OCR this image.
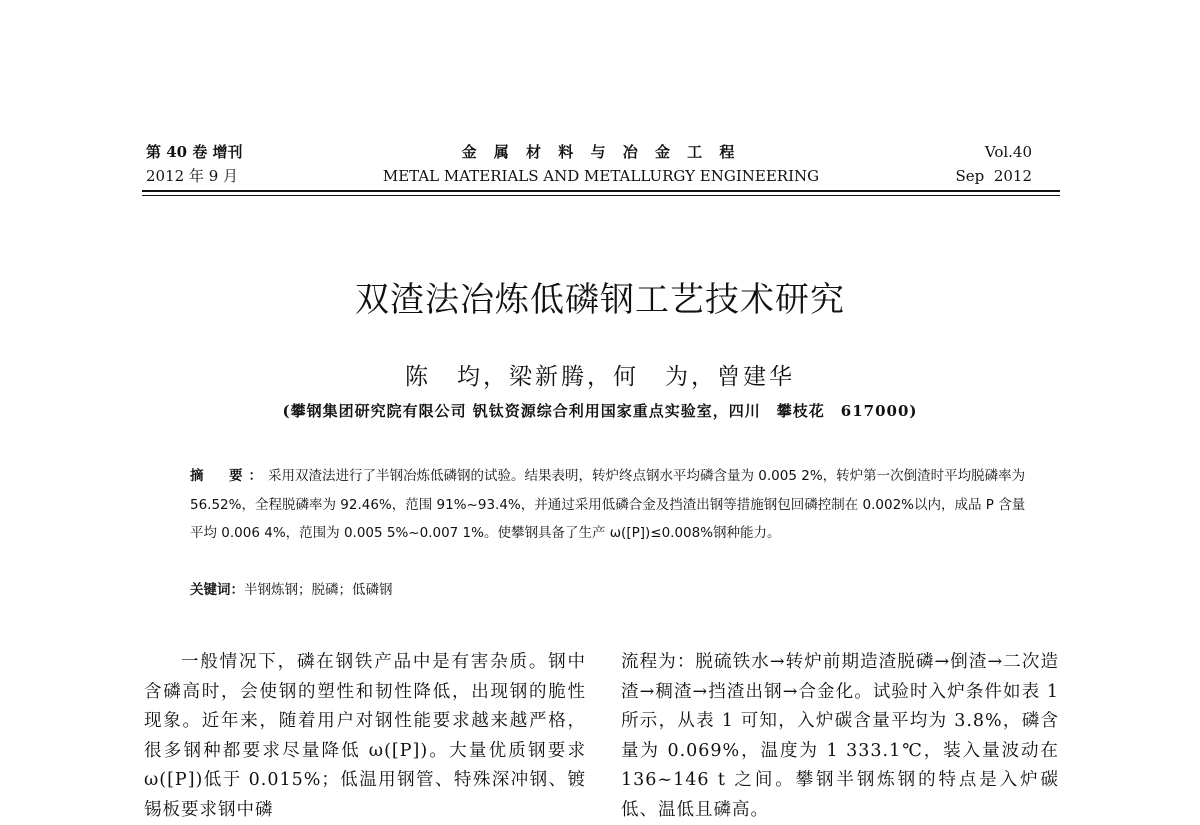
第 40 卷 增刊
2012 年 9 月
金 属 材 料 与 冶 金 工 程
METAL MATERIALS AND METALLURGY ENGINEERING
Vol.40
Sep  2012
双渣法冶炼低磷钢工艺技术研究
陈　均，梁新腾，何　为，曾建华
(攀钢集团研究院有限公司 钒钛资源综合利用国家重点实验室，四川　攀枝花　617000)
摘　要：采用双渣法进行了半钢冶炼低磷钢的试验。结果表明，转炉终点钢水平均磷含量为 0.005 2%，转炉第一次倒渣时平均脱磷率为 56.52%，全程脱磷率为 92.46%，范围 91%~93.4%，并通过采用低磷合金及挡渣出钢等措施钢包回磷控制在 0.002%以内，成品 P 含量平均 0.006 4%，范围为 0.005 5%~0.007 1%。使攀钢具备了生产 ω([P])≤0.008%钢种能力。
关键词：半钢炼钢；脱磷；低磷钢
一般情况下，磷在钢铁产品中是有害杂质。钢中含磷高时，会使钢的塑性和韧性降低，出现钢的脆性现象。近年来，随着用户对钢性能要求越来越严格，很多钢种都要求尽量降低 ω([P])。大量优质钢要求 ω([P])低于 0.015%；低温用钢管、特殊深冲钢、镀锡板要求钢中磷
流程为：脱硫铁水→转炉前期造渣脱磷→倒渣→二次造渣→稠渣→挡渣出钢→合金化。试验时入炉条件如表 1 所示，从表 1 可知，入炉碳含量平均为 3.8%，磷含量为 0.069%，温度为 1 333.1℃，装入量波动在 136~146 t 之间。攀钢半钢炼钢的特点是入炉碳低、温低且磷高。
